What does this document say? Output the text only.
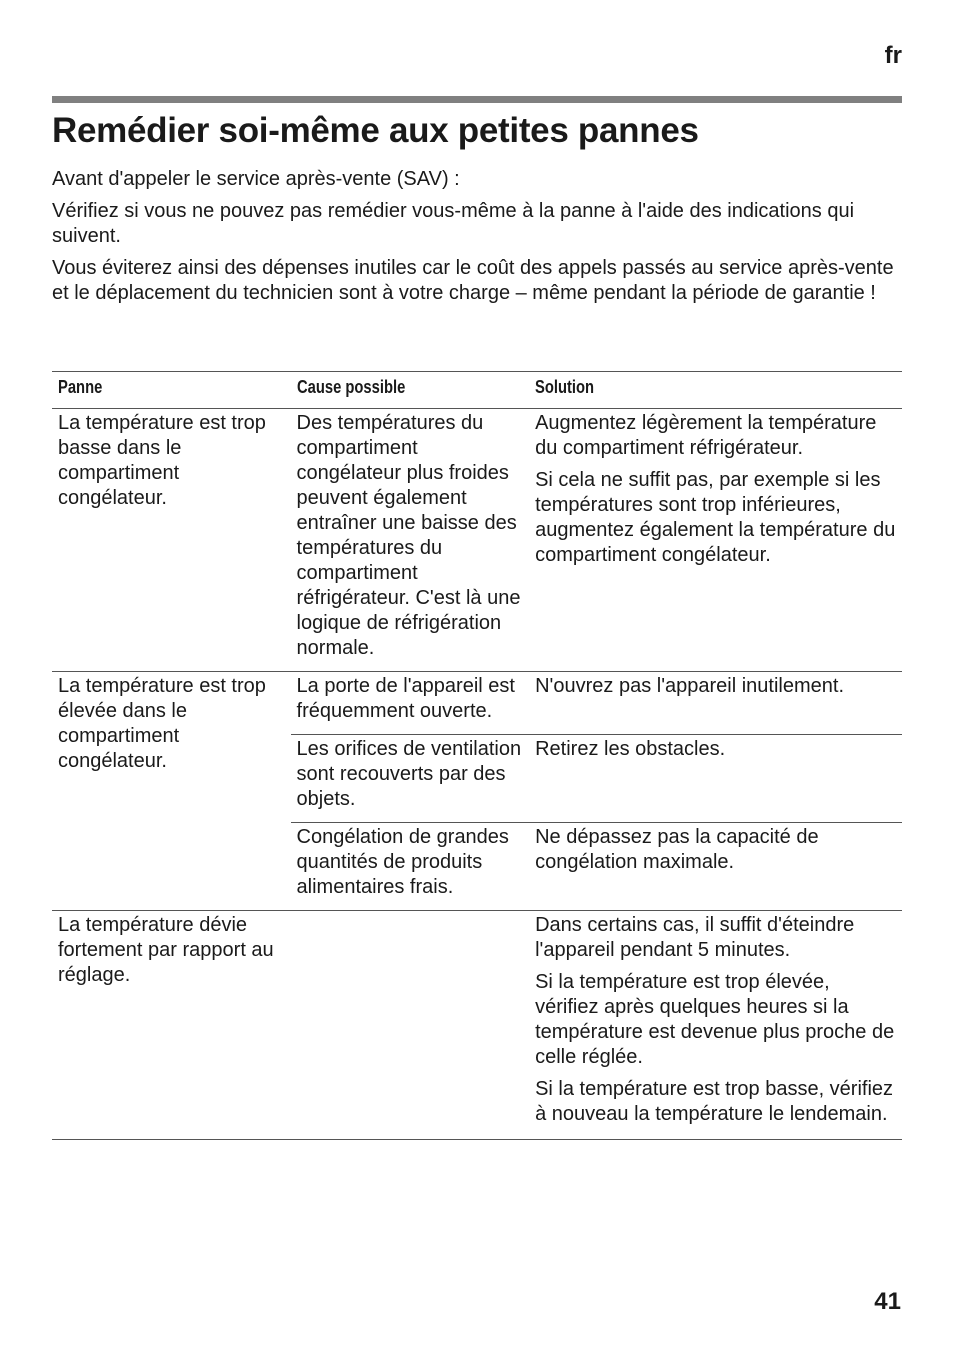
fr
Remédier soi-même aux petites pannes

Avant d'appeler le service après-vente (SAV) :

Vérifiez si vous ne pouvez pas remédier vous-même à la panne à l'aide des indications qui suivent.

Vous éviterez ainsi des dépenses inutiles car le coût des appels passés au service après-vente et le déplacement du technicien sont à votre charge – même pendant la période de garantie !

Panne	Cause possible	Solution
La température est trop basse dans le compartiment congélateur.	Des températures du compartiment congélateur plus froides peuvent également entraîner une baisse des températures du compartiment réfrigérateur. C'est là une logique de réfrigération normale.	Augmentez légèrement la température du compartiment réfrigérateur.

Si cela ne suffit pas, par exemple si les températures sont trop inférieures, augmentez également la température du compartiment congélateur.

La température est trop élevée dans le compartiment congélateur.	La porte de l'appareil est fréquemment ouverte.	N'ouvrez pas l'appareil inutilement.

	Les orifices de ventilation sont recouverts par des objets.	Retirez les obstacles.

	Congélation de grandes quantités de produits alimentaires frais.	Ne dépassez pas la capacité de congélation maximale.

La température dévie fortement par rapport au réglage.		Dans certains cas, il suffit d'éteindre l'appareil pendant 5 minutes.

Si la température est trop élevée, vérifiez après quelques heures si la température est devenue plus proche de celle réglée.

Si la température est trop basse, vérifiez à nouveau la température le lendemain.

41
